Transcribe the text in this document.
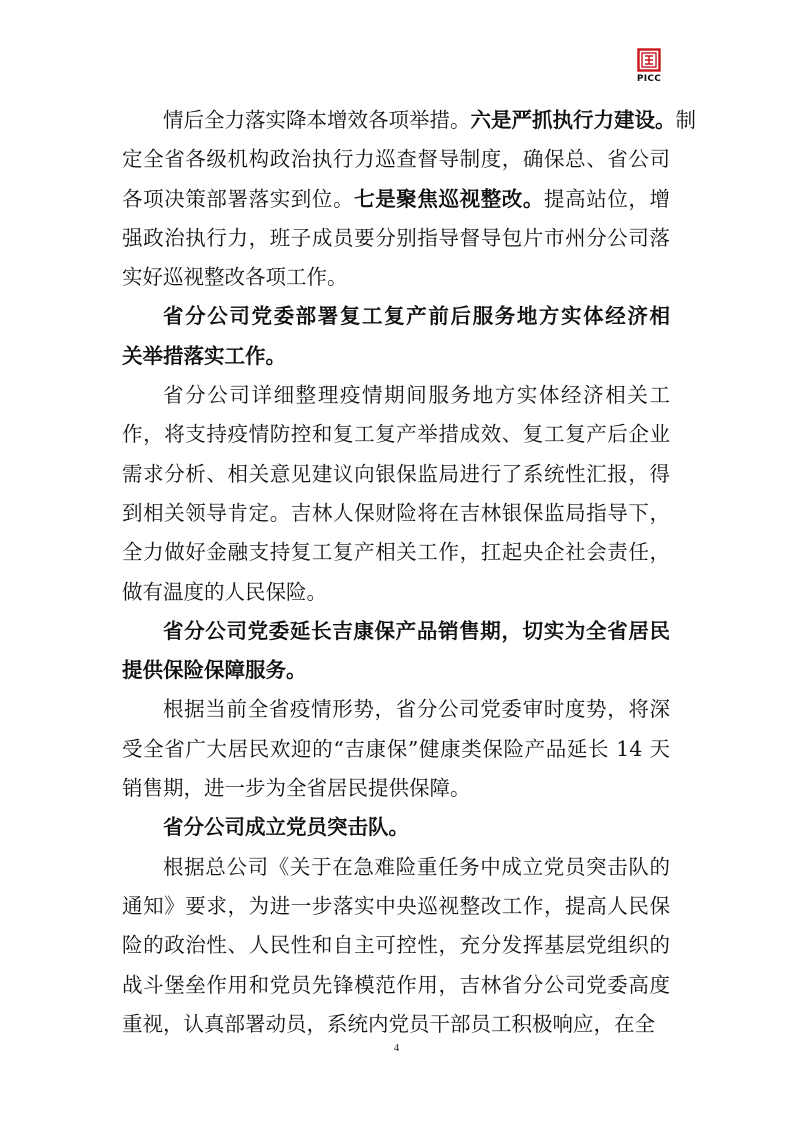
PICC
情后全力落实降本增效各项举措。六是严抓执行力建设。制
定全省各级机构政治执行力巡查督导制度，确保总、省公司
各项决策部署落实到位。七是聚焦巡视整改。提高站位，增
强政治执行力，班子成员要分别指导督导包片市州分公司落
实好巡视整改各项工作。
省分公司党委部署复工复产前后服务地方实体经济相
关举措落实工作。
省分公司详细整理疫情期间服务地方实体经济相关工
作，将支持疫情防控和复工复产举措成效、复工复产后企业
需求分析、相关意见建议向银保监局进行了系统性汇报，得
到相关领导肯定。吉林人保财险将在吉林银保监局指导下，
全力做好金融支持复工复产相关工作，扛起央企社会责任，
做有温度的人民保险。
省分公司党委延长吉康保产品销售期，切实为全省居民
提供保险保障服务。
根据当前全省疫情形势，省分公司党委审时度势，将深
受全省广大居民欢迎的“吉康保”健康类保险产品延长 14 天
销售期，进一步为全省居民提供保障。
省分公司成立党员突击队。
根据总公司《关于在急难险重任务中成立党员突击队的
通知》要求，为进一步落实中央巡视整改工作，提高人民保
险的政治性、人民性和自主可控性，充分发挥基层党组织的
战斗堡垒作用和党员先锋模范作用，吉林省分公司党委高度
重视，认真部署动员，系统内党员干部员工积极响应，在全
4
